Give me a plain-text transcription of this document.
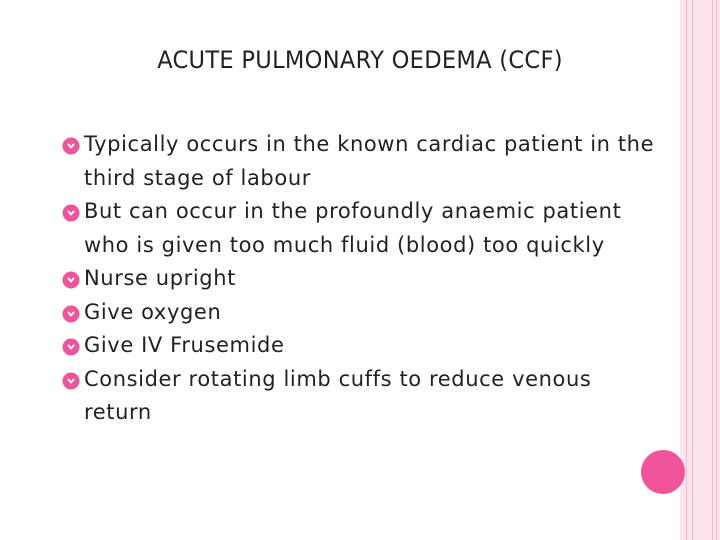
ACUTE PULMONARY OEDEMA (CCF)
Typically occurs in the known cardiac patient in the third stage of labour
But can occur in the profoundly anaemic patient who is given too much fluid (blood) too quickly
Nurse upright
Give oxygen
Give IV Frusemide
Consider rotating limb cuffs to reduce venous return
